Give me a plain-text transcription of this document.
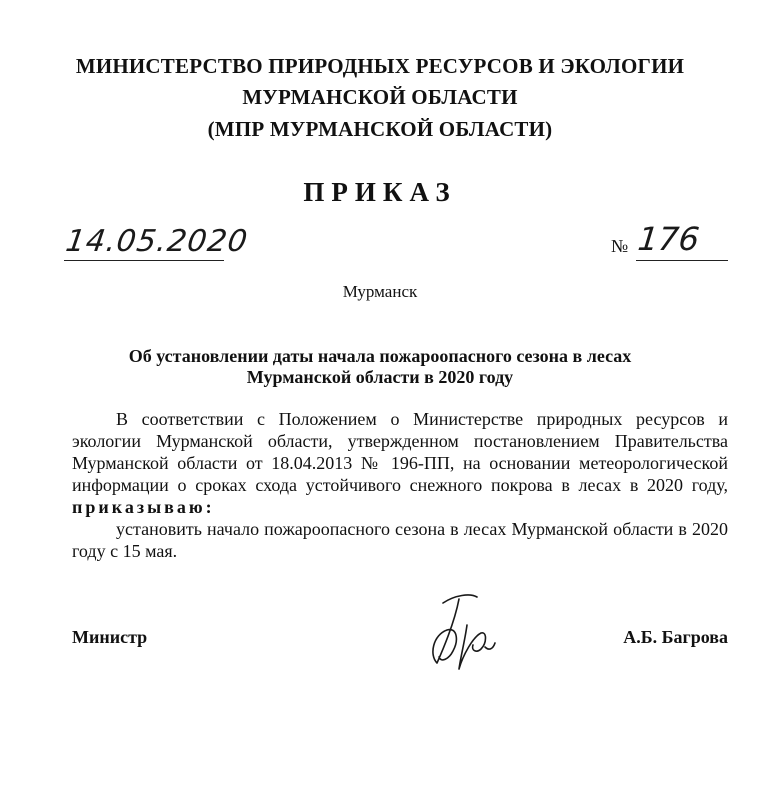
МИНИСТЕРСТВО ПРИРОДНЫХ РЕСУРСОВ И ЭКОЛОГИИ
МУРМАНСКОЙ ОБЛАСТИ
(МПР МУРМАНСКОЙ ОБЛАСТИ)
ПРИКАЗ
14.05.2020	№ 176
Мурманск
Об установлении даты начала пожароопасного сезона в лесах
Мурманской области в 2020 году

В соответствии с Положением о Министерстве природных ресурсов и экологии Мурманской области, утвержденном постановлением Правительства Мурманской области от 18.04.2013 № 196-ПП, на основании метеорологической информации о сроках схода устойчивого снежного покрова в лесах в 2020 году, приказываю:

установить начало пожароопасного сезона в лесах Мурманской области в 2020 году с 15 мая.

Министр	А.Б. Багрова
